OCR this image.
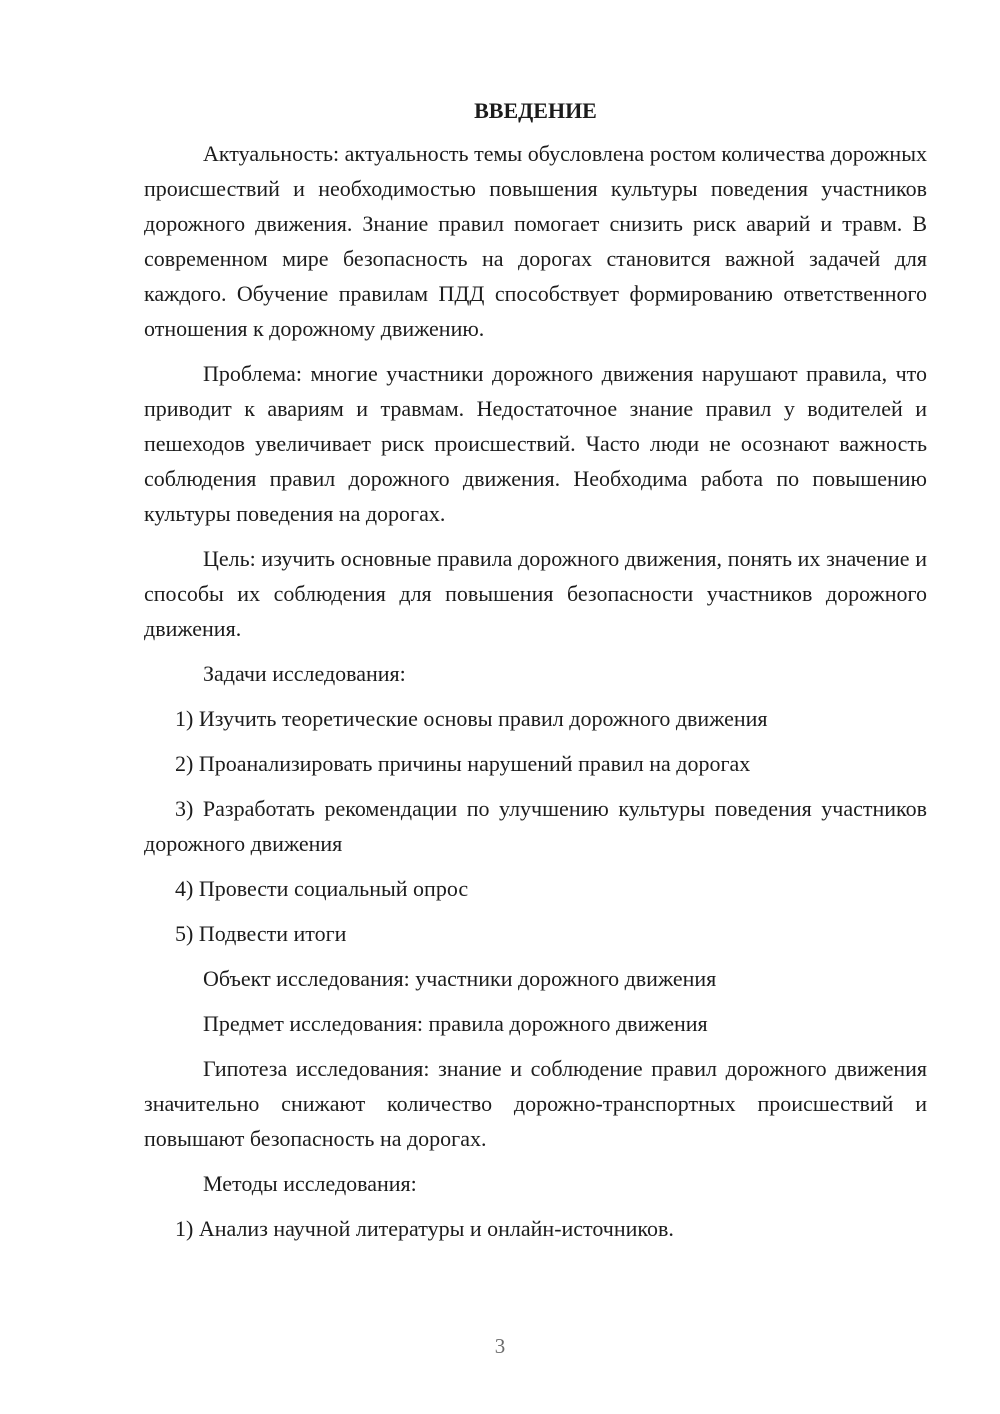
ВВЕДЕНИЕ

Актуальность: актуальность темы обусловлена ростом количества дорожных происшествий и необходимостью повышения культуры поведения участников дорожного движения. Знание правил помогает снизить риск аварий и травм. В современном мире безопасность на дорогах становится важной задачей для каждого. Обучение правилам ПДД способствует формированию ответственного отношения к дорожному движению.

Проблема: многие участники дорожного движения нарушают правила, что приводит к авариям и травмам. Недостаточное знание правил у водителей и пешеходов увеличивает риск происшествий. Часто люди не осознают важность соблюдения правил дорожного движения. Необходима работа по повышению культуры поведения на дорогах.

Цель: изучить основные правила дорожного движения, понять их значение и способы их соблюдения для повышения безопасности участников дорожного движения.

Задачи исследования:

1) Изучить теоретические основы правил дорожного движения

2) Проанализировать причины нарушений правил на дорогах

3) Разработать рекомендации по улучшению культуры поведения участников дорожного движения

4) Провести социальный опрос

5) Подвести итоги

Объект исследования: участники дорожного движения

Предмет исследования: правила дорожного движения

Гипотеза исследования: знание и соблюдение правил дорожного движения значительно снижают количество дорожно-транспортных происшествий и повышают безопасность на дорогах.

Методы исследования:

1) Анализ научной литературы и онлайн-источников.

3
